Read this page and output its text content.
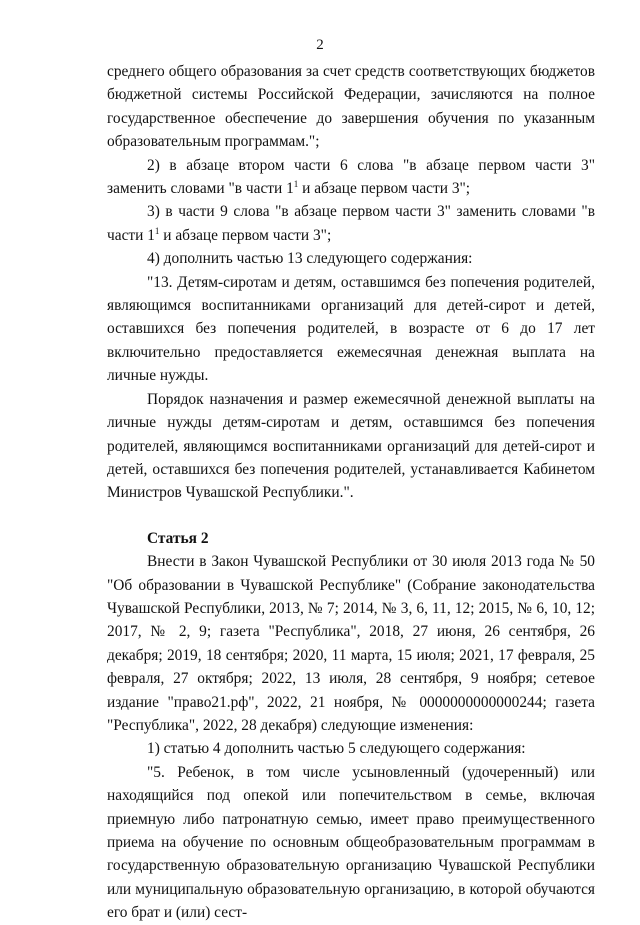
2

среднего общего образования за счет средств соответствующих бюджетов бюджетной системы Российской Федерации, зачисляются на полное государственное обеспечение до завершения обучения по указанным образовательным программам.";

2) в абзаце втором части 6 слова "в абзаце первом части 3" заменить словами "в части $1^1$ и абзаце первом части 3";

3) в части 9 слова "в абзаце первом части 3" заменить словами "в части $1^1$ и абзаце первом части 3";

4) дополнить частью 13 следующего содержания:

"13. Детям-сиротам и детям, оставшимся без попечения родителей, являющимся воспитанниками организаций для детей-сирот и детей, оставшихся без попечения родителей, в возрасте от 6 до 17 лет включительно предоставляется ежемесячная денежная выплата на личные нужды.

Порядок назначения и размер ежемесячной денежной выплаты на личные нужды детям-сиротам и детям, оставшимся без попечения родителей, являющимся воспитанниками организаций для детей-сирот и детей, оставшихся без попечения родителей, устанавливается Кабинетом Министров Чувашской Республики.".

Статья 2

Внести в Закон Чувашской Республики от 30 июля 2013 года № 50 "Об образовании в Чувашской Республике" (Собрание законодательства Чувашской Республики, 2013, № 7; 2014, № 3, 6, 11, 12; 2015, № 6, 10, 12; 2017, № 2, 9; газета "Республика", 2018, 27 июня, 26 сентября, 26 декабря; 2019, 18 сентября; 2020, 11 марта, 15 июля; 2021, 17 февраля, 25 февраля, 27 октября; 2022, 13 июля, 28 сентября, 9 ноября; сетевое издание "право21.рф", 2022, 21 ноября, № 0000000000000244; газета "Республика", 2022, 28 декабря) следующие изменения:

1) статью 4 дополнить частью 5 следующего содержания:

"5. Ребенок, в том числе усыновленный (удочеренный) или находящийся под опекой или попечительством в семье, включая приемную либо патронатную семью, имеет право преимущественного приема на обучение по основным общеобразовательным программам в государственную образовательную организацию Чувашской Республики или муниципальную образовательную организацию, в которой обучаются его брат и (или) сест-
